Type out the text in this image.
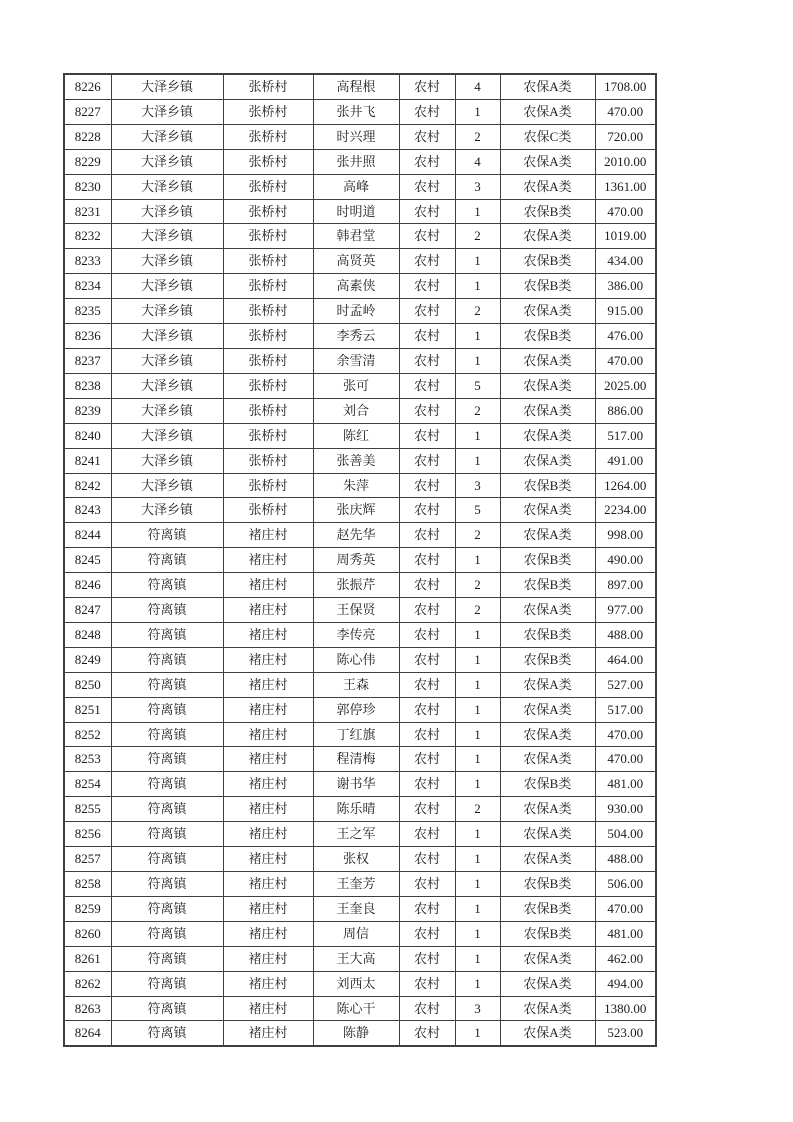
8226	大泽乡镇	张桥村	高程根	农村	4	农保A类	1708.00
8227	大泽乡镇	张桥村	张井飞	农村	1	农保A类	470.00
8228	大泽乡镇	张桥村	时兴理	农村	2	农保C类	720.00
8229	大泽乡镇	张桥村	张井照	农村	4	农保A类	2010.00
8230	大泽乡镇	张桥村	高峰	农村	3	农保A类	1361.00
8231	大泽乡镇	张桥村	时明道	农村	1	农保B类	470.00
8232	大泽乡镇	张桥村	韩君堂	农村	2	农保A类	1019.00
8233	大泽乡镇	张桥村	高贤英	农村	1	农保B类	434.00
8234	大泽乡镇	张桥村	高素侠	农村	1	农保B类	386.00
8235	大泽乡镇	张桥村	时孟岭	农村	2	农保A类	915.00
8236	大泽乡镇	张桥村	李秀云	农村	1	农保B类	476.00
8237	大泽乡镇	张桥村	余雪清	农村	1	农保A类	470.00
8238	大泽乡镇	张桥村	张可	农村	5	农保A类	2025.00
8239	大泽乡镇	张桥村	刘合	农村	2	农保A类	886.00
8240	大泽乡镇	张桥村	陈红	农村	1	农保A类	517.00
8241	大泽乡镇	张桥村	张善美	农村	1	农保A类	491.00
8242	大泽乡镇	张桥村	朱萍	农村	3	农保B类	1264.00
8243	大泽乡镇	张桥村	张庆辉	农村	5	农保A类	2234.00
8244	符离镇	褚庄村	赵先华	农村	2	农保A类	998.00
8245	符离镇	褚庄村	周秀英	农村	1	农保B类	490.00
8246	符离镇	褚庄村	张振芹	农村	2	农保B类	897.00
8247	符离镇	褚庄村	王保贤	农村	2	农保A类	977.00
8248	符离镇	褚庄村	李传亮	农村	1	农保B类	488.00
8249	符离镇	褚庄村	陈心伟	农村	1	农保B类	464.00
8250	符离镇	褚庄村	王森	农村	1	农保A类	527.00
8251	符离镇	褚庄村	郭停珍	农村	1	农保A类	517.00
8252	符离镇	褚庄村	丁红旗	农村	1	农保A类	470.00
8253	符离镇	褚庄村	程清梅	农村	1	农保A类	470.00
8254	符离镇	褚庄村	谢书华	农村	1	农保B类	481.00
8255	符离镇	褚庄村	陈乐晴	农村	2	农保A类	930.00
8256	符离镇	褚庄村	王之军	农村	1	农保A类	504.00
8257	符离镇	褚庄村	张权	农村	1	农保A类	488.00
8258	符离镇	褚庄村	王奎芳	农村	1	农保B类	506.00
8259	符离镇	褚庄村	王奎良	农村	1	农保B类	470.00
8260	符离镇	褚庄村	周信	农村	1	农保B类	481.00
8261	符离镇	褚庄村	王大高	农村	1	农保A类	462.00
8262	符离镇	褚庄村	刘西太	农村	1	农保A类	494.00
8263	符离镇	褚庄村	陈心干	农村	3	农保A类	1380.00
8264	符离镇	褚庄村	陈静	农村	1	农保A类	523.00
